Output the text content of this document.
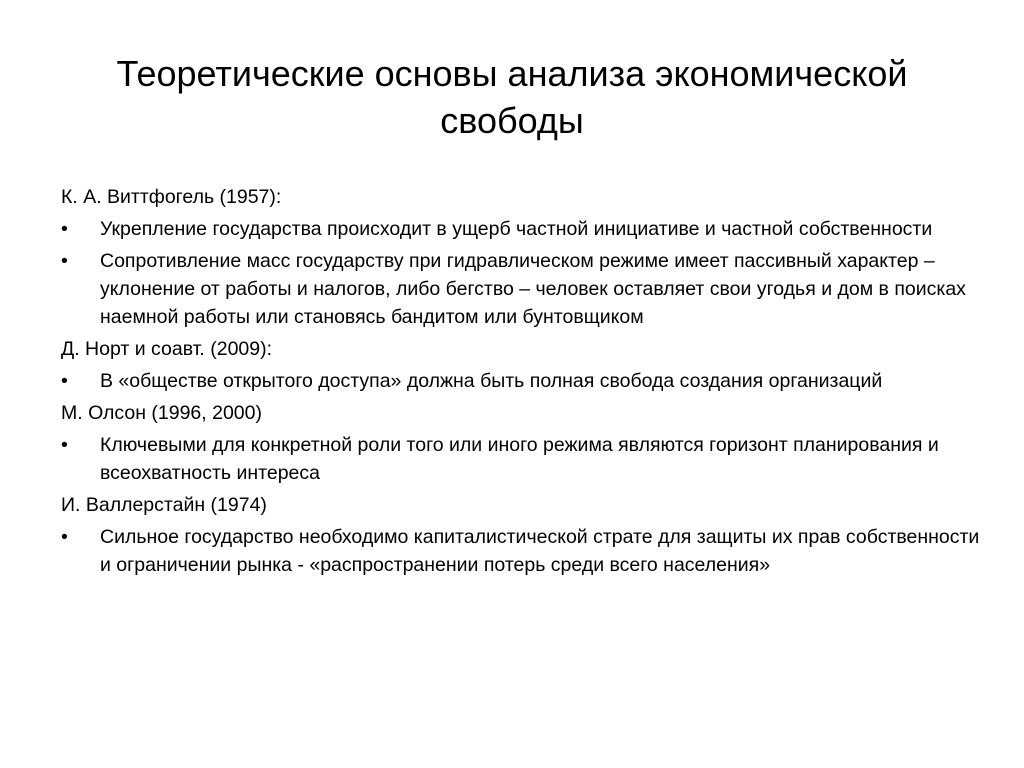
Теоретические основы анализа экономической свободы
К. А. Виттфогель (1957):
•	Укрепление государства происходит в ущерб частной инициативе и частной собственности
•	Сопротивление масс государству при гидравлическом режиме имеет пассивный характер – уклонение от работы и налогов, либо бегство – человек оставляет свои угодья и дом в поисках наемной работы или становясь бандитом или бунтовщиком
Д. Норт и соавт. (2009):
•	В «обществе открытого доступа» должна быть полная свобода создания организаций
М. Олсон (1996, 2000)
•	Ключевыми для конкретной роли того или иного режима являются горизонт планирования и всеохватность интереса
И. Валлерстайн (1974)
•	Сильное государство необходимо капиталистической страте для защиты их прав собственности и ограничении рынка - «распространении потерь среди всего населения»
